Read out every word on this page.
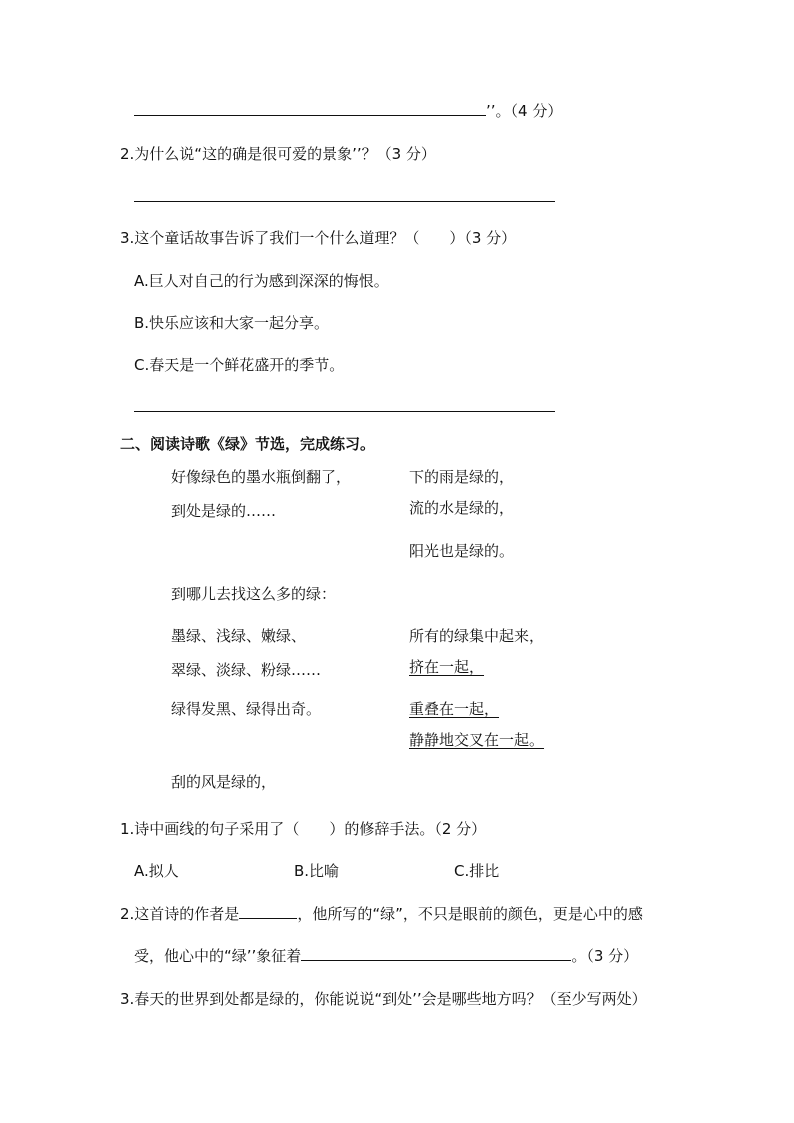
’’。（4 分）
2.为什么说“这的确是很可爱的景象’’？（3 分）
3.这个童话故事告诉了我们一个什么道理？（　　）（3 分）
A.巨人对自己的行为感到深深的悔恨。
B.快乐应该和大家一起分享。
C.春天是一个鲜花盛开的季节。
二、阅读诗歌《绿》节选，完成练习。
好像绿色的墨水瓶倒翻了，
到处是绿的……
到哪儿去找这么多的绿：
墨绿、浅绿、嫩绿、
翠绿、淡绿、粉绿……
绿得发黑、绿得出奇。
刮的风是绿的，
下的雨是绿的，
流的水是绿的，
阳光也是绿的。
所有的绿集中起来，
挤在一起，
重叠在一起，
静静地交叉在一起。
1.诗中画线的句子采用了（　　）的修辞手法。（2 分）
A.拟人	B.比喻	C.排比
2.这首诗的作者是	，他所写的“绿”，不只是眼前的颜色，更是心中的感
受，他心中的“绿’’象征着	。（3 分）
3.春天的世界到处都是绿的，你能说说“到处’’会是哪些地方吗？（至少写两处）
